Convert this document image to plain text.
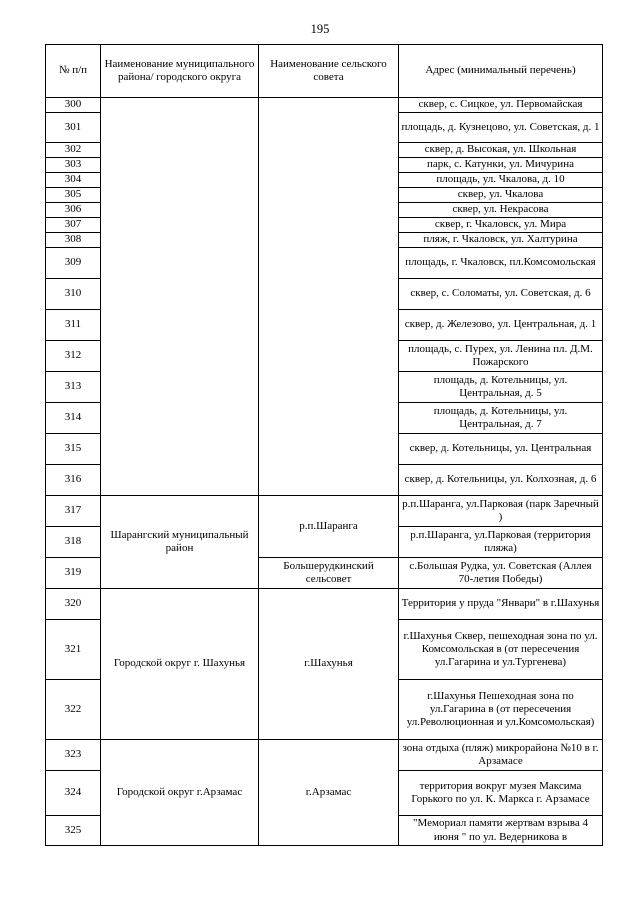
195
№ п/п	Наименование муниципального района/ городского округа	Наименование сельского совета	Адрес (минимальный перечень)
300			сквер, с. Сицкое, ул. Первомайская
301			площадь, д. Кузнецово, ул. Советская, д. 1
302			сквер, д. Высокая, ул. Школьная
303			парк, с. Катунки, ул. Мичурина
304			площадь, ул. Чкалова, д. 10
305			сквер, ул. Чкалова
306			сквер, ул. Некрасова
307			сквер, г. Чкаловск, ул. Мира
308			пляж, г. Чкаловск, ул. Халтурина
309			площадь, г. Чкаловск, пл.Комсомольская
310			сквер, с. Соломаты, ул. Советская, д. 6
311			сквер, д. Железово, ул. Центральная, д. 1
312			площадь, с. Пурех, ул. Ленина пл. Д.М. Пожарского
313			площадь, д. Котельницы, ул. Центральная, д. 5
314			площадь, д. Котельницы, ул. Центральная, д. 7
315			сквер, д. Котельницы, ул. Центральная
316			сквер, д. Котельницы, ул. Колхозная, д. 6
317	Шарангский муниципальный район	р.п.Шаранга	р.п.Шаранга, ул.Парковая (парк Заречный )
318			р.п.Шаранга, ул.Парковая (территория пляжа)
319		Большерудкинский сельсовет	с.Большая Рудка, ул. Советская (Аллея 70-летия Победы)
320	Городской округ г. Шахунья	г.Шахунья	Территория у пруда "Январи" в г.Шахунья
321			г.Шахунья Сквер, пешеходная зона по ул. Комсомольская в (от пересечения ул.Гагарина и ул.Тургенева)
322			г.Шахунья Пешеходная зона по ул.Гагарина в (от пересечения ул.Революционная и ул.Комсомольская)
323	Городской округ г.Арзамас	г.Арзамас	зона отдыха (пляж) микрорайона №10 в г. Арзамасе
324			территория вокруг музея Максима Горького по ул. К. Маркса г. Арзамасе
325			"Мемориал памяти жертвам взрыва 4 июня " по ул. Ведерникова в
